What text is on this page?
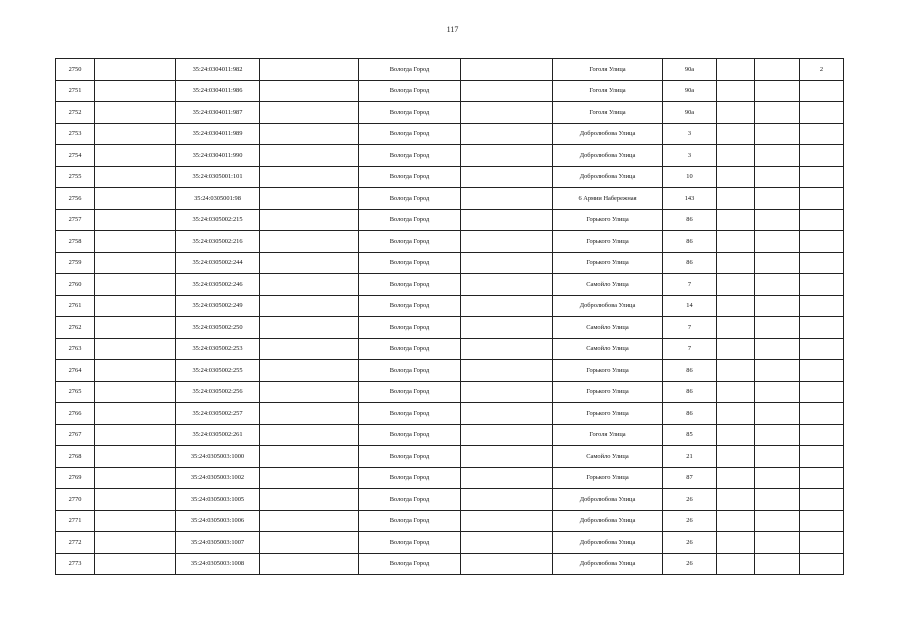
117
2750		35:24:0304011:982		Вологда Город		Гоголя Улица	90а			2
2751		35:24:0304011:986		Вологда Город		Гоголя Улица	90а			
2752		35:24:0304011:987		Вологда Город		Гоголя Улица	90а			
2753		35:24:0304011:989		Вологда Город		Добролюбова Улица	3			
2754		35:24:0304011:990		Вологда Город		Добролюбова Улица	3			
2755		35:24:0305001:101		Вологда Город		Добролюбова Улица	10			
2756		35:24:0305001:98		Вологда Город		6 Армии Набережная	143			
2757		35:24:0305002:215		Вологда Город		Горького Улица	86			
2758		35:24:0305002:216		Вологда Город		Горького Улица	86			
2759		35:24:0305002:244		Вологда Город		Горького Улица	86			
2760		35:24:0305002:246		Вологда Город		Самойло Улица	7			
2761		35:24:0305002:249		Вологда Город		Добролюбова Улица	14			
2762		35:24:0305002:250		Вологда Город		Самойло Улица	7			
2763		35:24:0305002:253		Вологда Город		Самойло Улица	7			
2764		35:24:0305002:255		Вологда Город		Горького Улица	86			
2765		35:24:0305002:256		Вологда Город		Горького Улица	86			
2766		35:24:0305002:257		Вологда Город		Горького Улица	86			
2767		35:24:0305002:261		Вологда Город		Гоголя Улица	85			
2768		35:24:0305003:1000		Вологда Город		Самойло Улица	21			
2769		35:24:0305003:1002		Вологда Город		Горького Улица	87			
2770		35:24:0305003:1005		Вологда Город		Добролюбова Улица	26			
2771		35:24:0305003:1006		Вологда Город		Добролюбова Улица	26			
2772		35:24:0305003:1007		Вологда Город		Добролюбова Улица	26			
2773		35:24:0305003:1008		Вологда Город		Добролюбова Улица	26			
